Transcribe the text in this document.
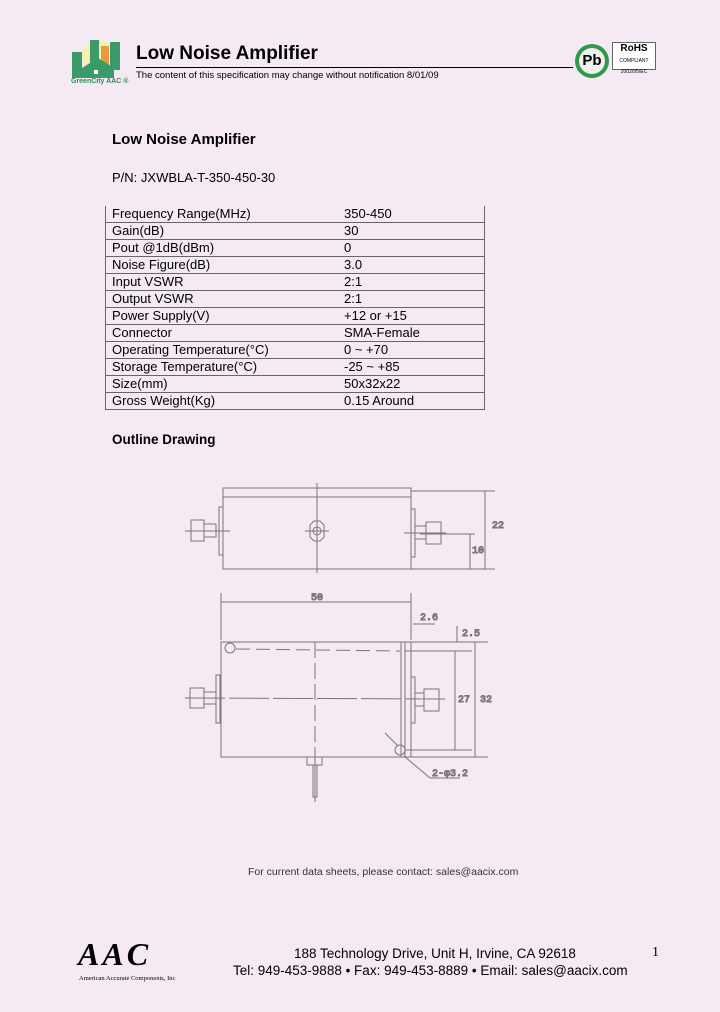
GreenCity AAC ®
Low Noise Amplifier
The content of this specification may change without notification 8/01/09
Pb
RoHS
COMPLIANT
2002/95/EC
Low Noise Amplifier
P/N: JXWBLA-T-350-450-30
Frequency Range(MHz)	350-450
Gain(dB)	30
Pout @1dB(dBm)	0
Noise Figure(dB)	3.0
Input VSWR	2:1
Output VSWR	2:1
Power Supply(V)	+12 or +15
Connector	SMA-Female
Operating Temperature(°C)	0 ~ +70
Storage Temperature(°C)	-25 ~ +85
Size(mm)	50x32x22
Gross Weight(Kg)	0.15 Around
Outline Drawing
22
10
50
2.6
2.5
27 32
2-φ3.2
For current data sheets, please contact: sales@aacix.com
AAC
American Accurate Components, Inc
188 Technology Drive, Unit H, Irvine, CA 92618
Tel: 949-453-9888 • Fax: 949-453-8889 • Email: sales@aacix.com
1
